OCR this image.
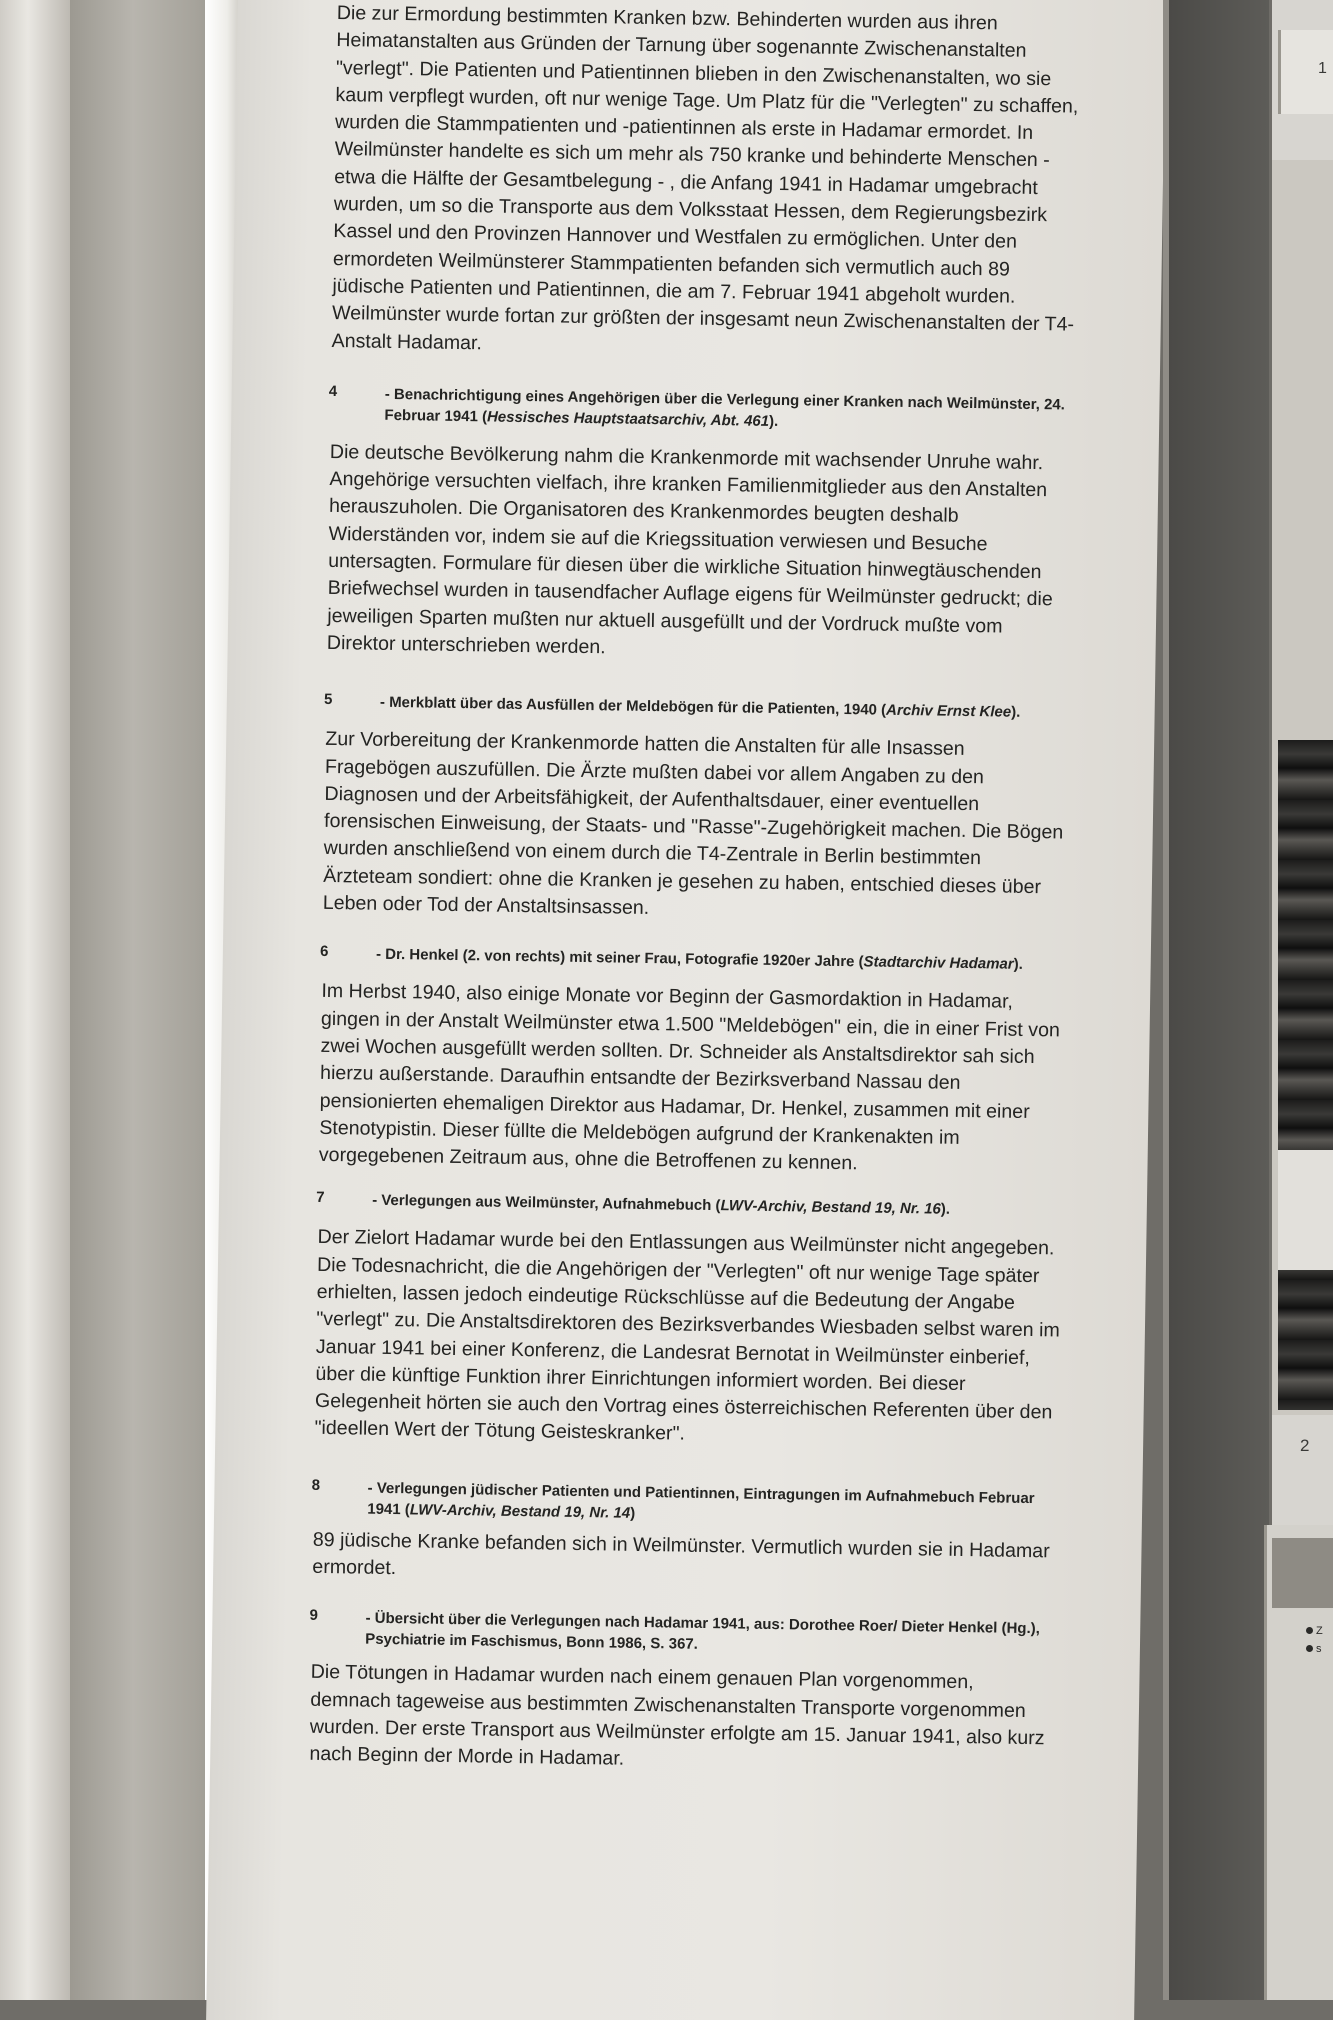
1
2
Z
s

Die zur Ermordung bestimmten Kranken bzw. Behinderten wurden aus ihren Heimatanstalten aus Gründen der Tarnung über sogenannte Zwischenanstalten "verlegt". Die Patienten und Patientinnen blieben in den Zwischenanstalten, wo sie kaum verpflegt wurden, oft nur wenige Tage. Um Platz für die "Verlegten" zu schaffen, wurden die Stammpatienten und -patientinnen als erste in Hadamar ermordet. In Weilmünster handelte es sich um mehr als 750 kranke und behinderte Menschen - etwa die Hälfte der Gesamtbelegung - , die Anfang 1941 in Hadamar umgebracht wurden, um so die Transporte aus dem Volksstaat Hessen, dem Regierungsbezirk Kassel und den Provinzen Hannover und Westfalen zu ermöglichen. Unter den ermordeten Weilmünsterer Stammpatienten befanden sich vermutlich auch 89 jüdische Patienten und Patientinnen, die am 7. Februar 1941 abgeholt wurden. Weilmünster wurde fortan zur größten der insgesamt neun Zwischenanstalten der T4-Anstalt Hadamar.

4	- Benachrichtigung eines Angehörigen über die Verlegung einer Kranken nach Weilmünster, 24. Februar 1941 (Hessisches Hauptstaatsarchiv, Abt. 461).
Die deutsche Bevölkerung nahm die Krankenmorde mit wachsender Unruhe wahr. Angehörige versuchten vielfach, ihre kranken Familienmitglieder aus den Anstalten herauszuholen. Die Organisatoren des Krankenmordes beugten deshalb Widerständen vor, indem sie auf die Kriegssituation verwiesen und Besuche untersagten. Formulare für diesen über die wirkliche Situation hinwegtäuschenden Briefwechsel wurden in tausendfacher Auflage eigens für Weilmünster gedruckt; die jeweiligen Sparten mußten nur aktuell ausgefüllt und der Vordruck mußte vom Direktor unterschrieben werden.
5	- Merkblatt über das Ausfüllen der Meldebögen für die Patienten, 1940 (Archiv Ernst Klee).
Zur Vorbereitung der Krankenmorde hatten die Anstalten für alle Insassen Fragebögen auszufüllen. Die Ärzte mußten dabei vor allem Angaben zu den Diagnosen und der Arbeitsfähigkeit, der Aufenthaltsdauer, einer eventuellen forensischen Einweisung, der Staats- und "Rasse"-Zugehörigkeit machen. Die Bögen wurden anschließend von einem durch die T4-Zentrale in Berlin bestimmten Ärzteteam sondiert: ohne die Kranken je gesehen zu haben, entschied dieses über Leben oder Tod der Anstaltsinsassen.
6	- Dr. Henkel (2. von rechts) mit seiner Frau, Fotografie 1920er Jahre (Stadtarchiv Hadamar).
Im Herbst 1940, also einige Monate vor Beginn der Gasmordaktion in Hadamar, gingen in der Anstalt Weilmünster etwa 1.500 "Meldebögen" ein, die in einer Frist von zwei Wochen ausgefüllt werden sollten. Dr. Schneider als Anstaltsdirektor sah sich hierzu außerstande. Daraufhin entsandte der Bezirksverband Nassau den pensionierten ehemaligen Direktor aus Hadamar, Dr. Henkel, zusammen mit einer Stenotypistin. Dieser füllte die Meldebögen aufgrund der Krankenakten im vorgegebenen Zeitraum aus, ohne die Betroffenen zu kennen.
7	- Verlegungen aus Weilmünster, Aufnahmebuch (LWV-Archiv, Bestand 19, Nr. 16).
Der Zielort Hadamar wurde bei den Entlassungen aus Weilmünster nicht angegeben. Die Todesnachricht, die die Angehörigen der "Verlegten" oft nur wenige Tage später erhielten, lassen jedoch eindeutige Rückschlüsse auf die Bedeutung der Angabe "verlegt" zu. Die Anstaltsdirektoren des Bezirksverbandes Wiesbaden selbst waren im Januar 1941 bei einer Konferenz, die Landesrat Bernotat in Weilmünster einberief, über die künftige Funktion ihrer Einrichtungen informiert worden. Bei dieser Gelegenheit hörten sie auch den Vortrag eines österreichischen Referenten über den "ideellen Wert der Tötung Geisteskranker".
8	- Verlegungen jüdischer Patienten und Patientinnen, Eintragungen im Aufnahmebuch Februar 1941 (LWV-Archiv, Bestand 19, Nr. 14)
89 jüdische Kranke befanden sich in Weilmünster. Vermutlich wurden sie in Hadamar ermordet.
9	- Übersicht über die Verlegungen nach Hadamar 1941, aus: Dorothee Roer/ Dieter Henkel (Hg.), Psychiatrie im Faschismus, Bonn 1986, S. 367.
Die Tötungen in Hadamar wurden nach einem genauen Plan vorgenommen, demnach tageweise aus bestimmten Zwischenanstalten Transporte vorgenommen wurden. Der erste Transport aus Weilmünster erfolgte am 15. Januar 1941, also kurz nach Beginn der Morde in Hadamar.
